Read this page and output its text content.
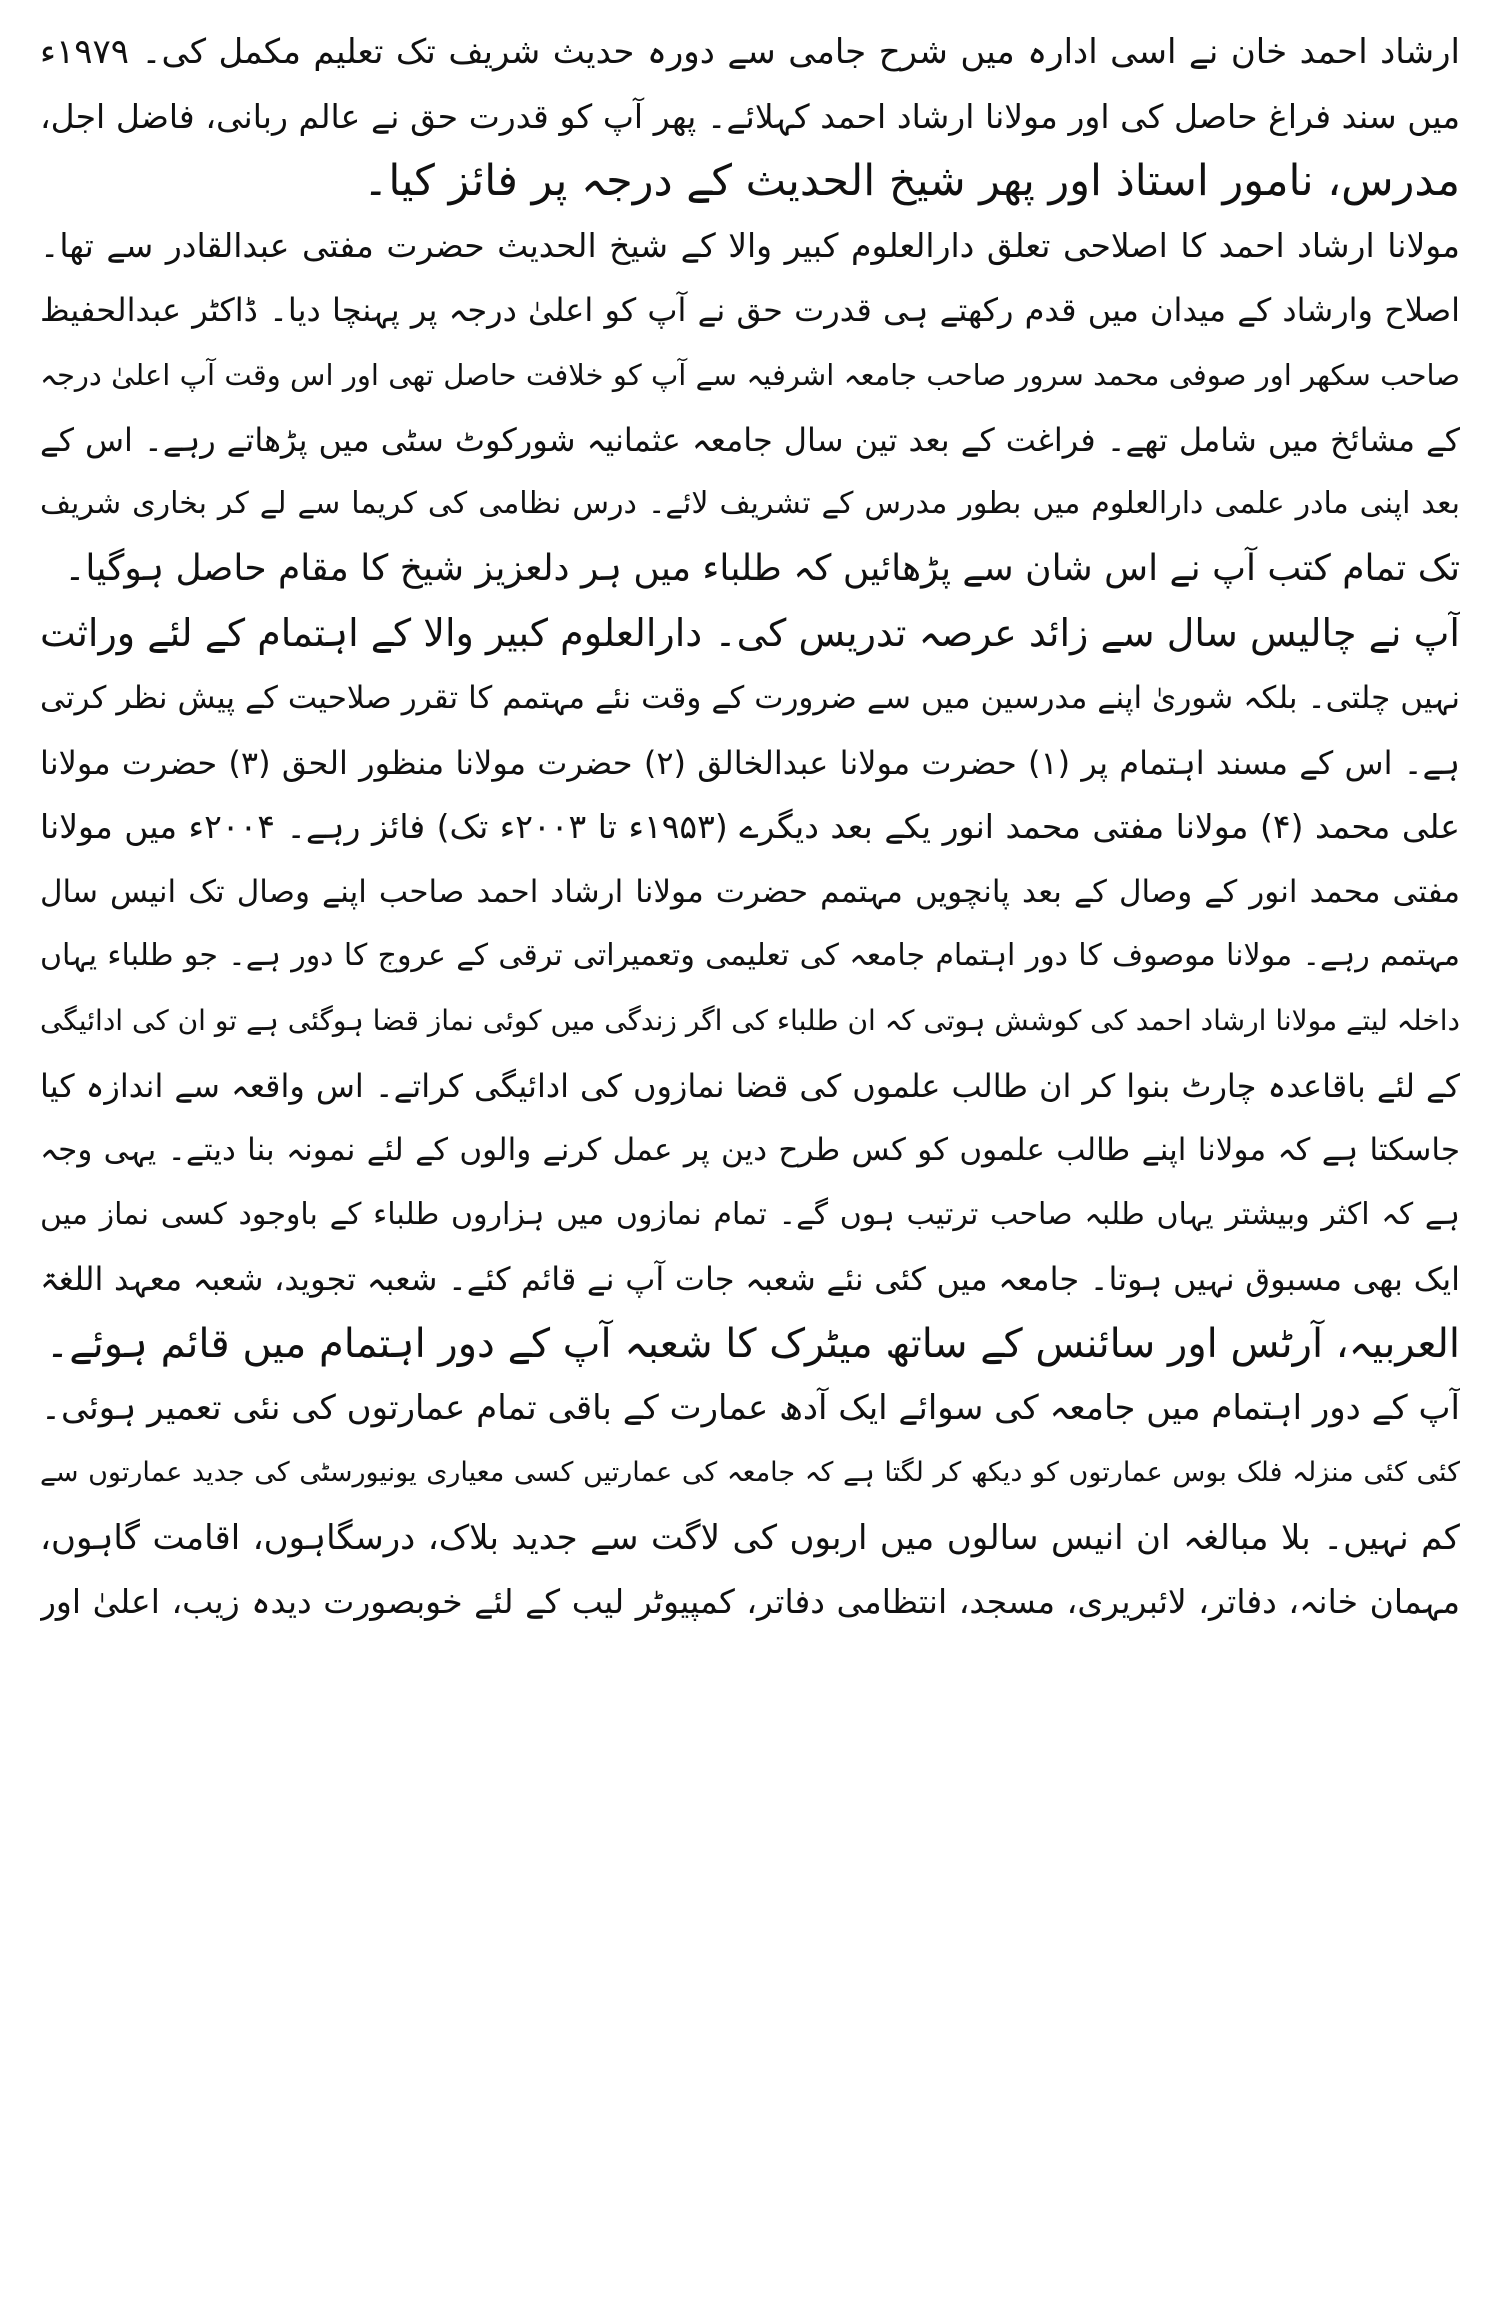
ارشاد احمد خان نے اسی ادارہ میں شرح جامی سے دورہ حدیث شریف تک تعلیم مکمل کی۔ ۱۹۷۹ء
میں سند فراغ حاصل کی اور مولانا ارشاد احمد کہلائے۔ پھر آپ کو قدرت حق نے عالم ربانی، فاضل اجل،
مدرس، نامور استاذ اور پھر شیخ الحدیث کے درجہ پر فائز کیا۔
مولانا ارشاد احمد کا اصلاحی تعلق دارالعلوم کبیر والا کے شیخ الحدیث حضرت مفتی عبدالقادر سے تھا۔
اصلاح وارشاد کے میدان میں قدم رکھتے ہی قدرت حق نے آپ کو اعلیٰ درجہ پر پہنچا دیا۔ ڈاکٹر عبدالحفیظ
صاحب سکھر اور صوفی محمد سرور صاحب جامعہ اشرفیہ سے آپ کو خلافت حاصل تھی اور اس وقت آپ اعلیٰ درجہ
کے مشائخ میں شامل تھے۔ فراغت کے بعد تین سال جامعہ عثمانیہ شورکوٹ سٹی میں پڑھاتے رہے۔ اس کے
بعد اپنی مادر علمی دارالعلوم میں بطور مدرس کے تشریف لائے۔ درس نظامی کی کریما سے لے کر بخاری شریف
تک تمام کتب آپ نے اس شان سے پڑھائیں کہ طلباء میں ہر دلعزیز شیخ کا مقام حاصل ہوگیا۔
آپ نے چالیس سال سے زائد عرصہ تدریس کی۔ دارالعلوم کبیر والا کے اہتمام کے لئے وراثت
نہیں چلتی۔ بلکہ شوریٰ اپنے مدرسین میں سے ضرورت کے وقت نئے مہتمم کا تقرر صلاحیت کے پیش نظر کرتی
ہے۔ اس کے مسند اہتمام پر (۱) حضرت مولانا عبدالخالق (۲) حضرت مولانا منظور الحق (۳) حضرت مولانا
علی محمد (۴) مولانا مفتی محمد انور یکے بعد دیگرے (۱۹۵۳ء تا ۲۰۰۳ء تک) فائز رہے۔ ۲۰۰۴ء میں مولانا
مفتی محمد انور کے وصال کے بعد پانچویں مہتمم حضرت مولانا ارشاد احمد صاحب اپنے وصال تک انیس سال
مہتمم رہے۔ مولانا موصوف کا دور اہتمام جامعہ کی تعلیمی وتعمیراتی ترقی کے عروج کا دور ہے۔ جو طلباء یہاں
داخلہ لیتے مولانا ارشاد احمد کی کوشش ہوتی کہ ان طلباء کی اگر زندگی میں کوئی نماز قضا ہوگئی ہے تو ان کی ادائیگی
کے لئے باقاعدہ چارٹ بنوا کر ان طالب علموں کی قضا نمازوں کی ادائیگی کراتے۔ اس واقعہ سے اندازہ کیا
جاسکتا ہے کہ مولانا اپنے طالب علموں کو کس طرح دین پر عمل کرنے والوں کے لئے نمونہ بنا دیتے۔ یہی وجہ
ہے کہ اکثر وبیشتر یہاں طلبہ صاحب ترتیب ہوں گے۔ تمام نمازوں میں ہزاروں طلباء کے باوجود کسی نماز میں
ایک بھی مسبوق نہیں ہوتا۔ جامعہ میں کئی نئے شعبہ جات آپ نے قائم کئے۔ شعبہ تجوید، شعبہ معہد اللغۃ
العربیہ، آرٹس اور سائنس کے ساتھ میٹرک کا شعبہ آپ کے دور اہتمام میں قائم ہوئے۔
آپ کے دور اہتمام میں جامعہ کی سوائے ایک آدھ عمارت کے باقی تمام عمارتوں کی نئی تعمیر ہوئی۔
کئی کئی منزلہ فلک بوس عمارتوں کو دیکھ کر لگتا ہے کہ جامعہ کی عمارتیں کسی معیاری یونیورسٹی کی جدید عمارتوں سے
کم نہیں۔ بلا مبالغہ ان انیس سالوں میں اربوں کی لاگت سے جدید بلاک، درسگاہوں، اقامت گاہوں،
مہمان خانہ، دفاتر، لائبریری، مسجد، انتظامی دفاتر، کمپیوٹر لیب کے لئے خوبصورت دیدہ زیب، اعلیٰ اور
